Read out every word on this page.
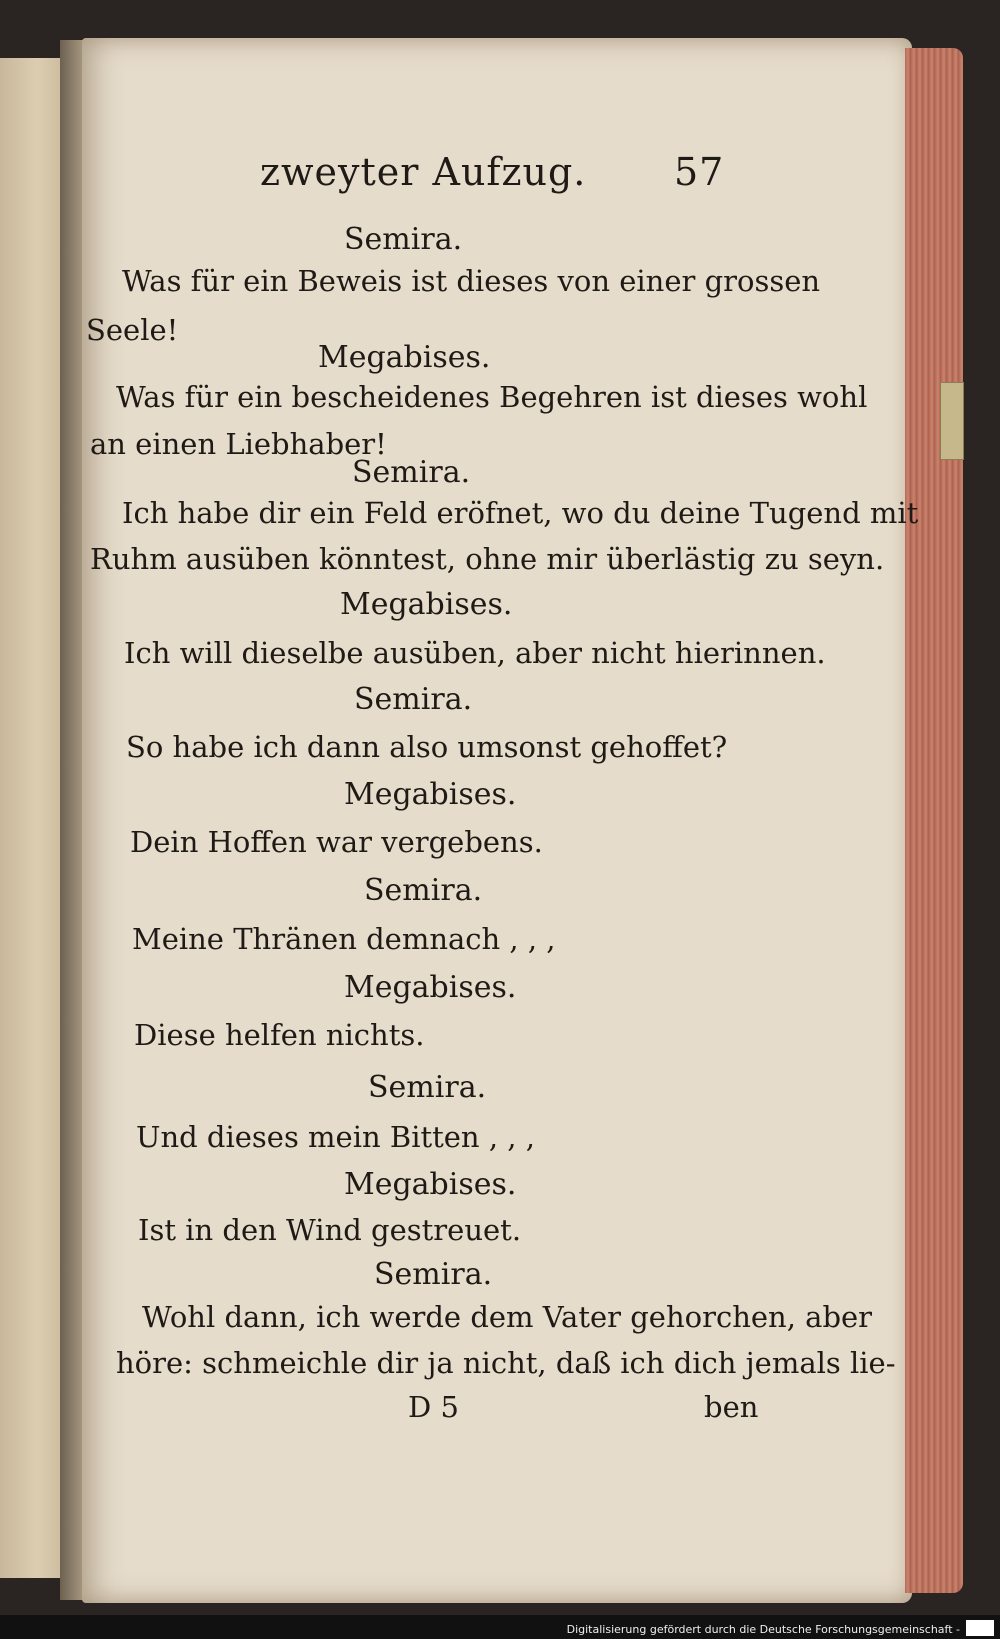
zweyter Aufzug. 57
Semira.
Was für ein Beweis ist dieses von einer grossen
Seele!
Megabises.
Was für ein bescheidenes Begehren ist dieses wohl
an einen Liebhaber!
Semira.
Ich habe dir ein Feld eröfnet, wo du deine Tugend mit
Ruhm ausüben könntest, ohne mir überlästig zu seyn.
Megabises.
Ich will dieselbe ausüben, aber nicht hierinnen.
Semira.
So habe ich dann also umsonst gehoffet?
Megabises.
Dein Hoffen war vergebens.
Semira.
Meine Thränen demnach , , ,
Megabises.
Diese helfen nichts.
Semira.
Und dieses mein Bitten , , ,
Megabises.
Ist in den Wind gestreuet.
Semira.
Wohl dann, ich werde dem Vater gehorchen, aber
höre: schmeichle dir ja nicht, daß ich dich jemals lie-
D 5	ben
Digitalisierung gefördert durch die Deutsche Forschungsgemeinschaft -
